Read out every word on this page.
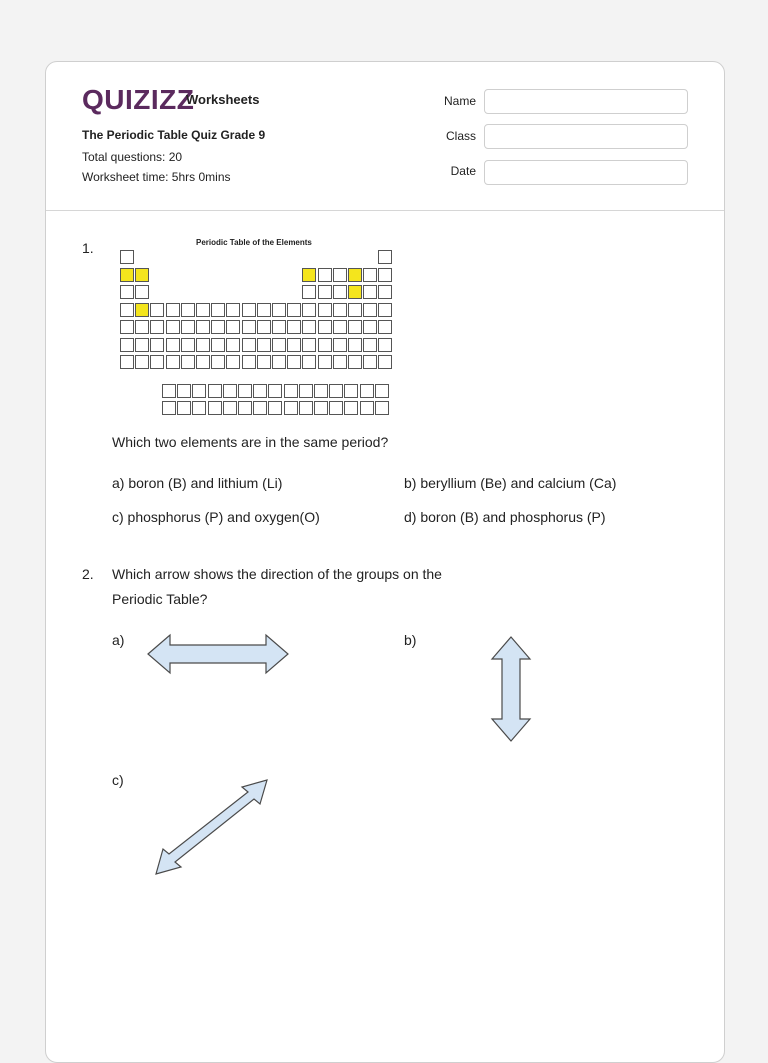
QUIZIZZ
Worksheets
The Periodic Table Quiz Grade 9
Total questions: 20
Worksheet time: 5hrs 0mins
Name
Class
Date
1.	Periodic Table of the Elements
Which two elements are in the same period?
a) boron (B) and lithium (Li)	b) beryllium (Be) and calcium (Ca)
c) phosphorus (P) and oxygen(O)	d) boron (B) and phosphorus (P)
2. Which arrow shows the direction of the groups on the
Periodic Table?
a)	b)
c)
